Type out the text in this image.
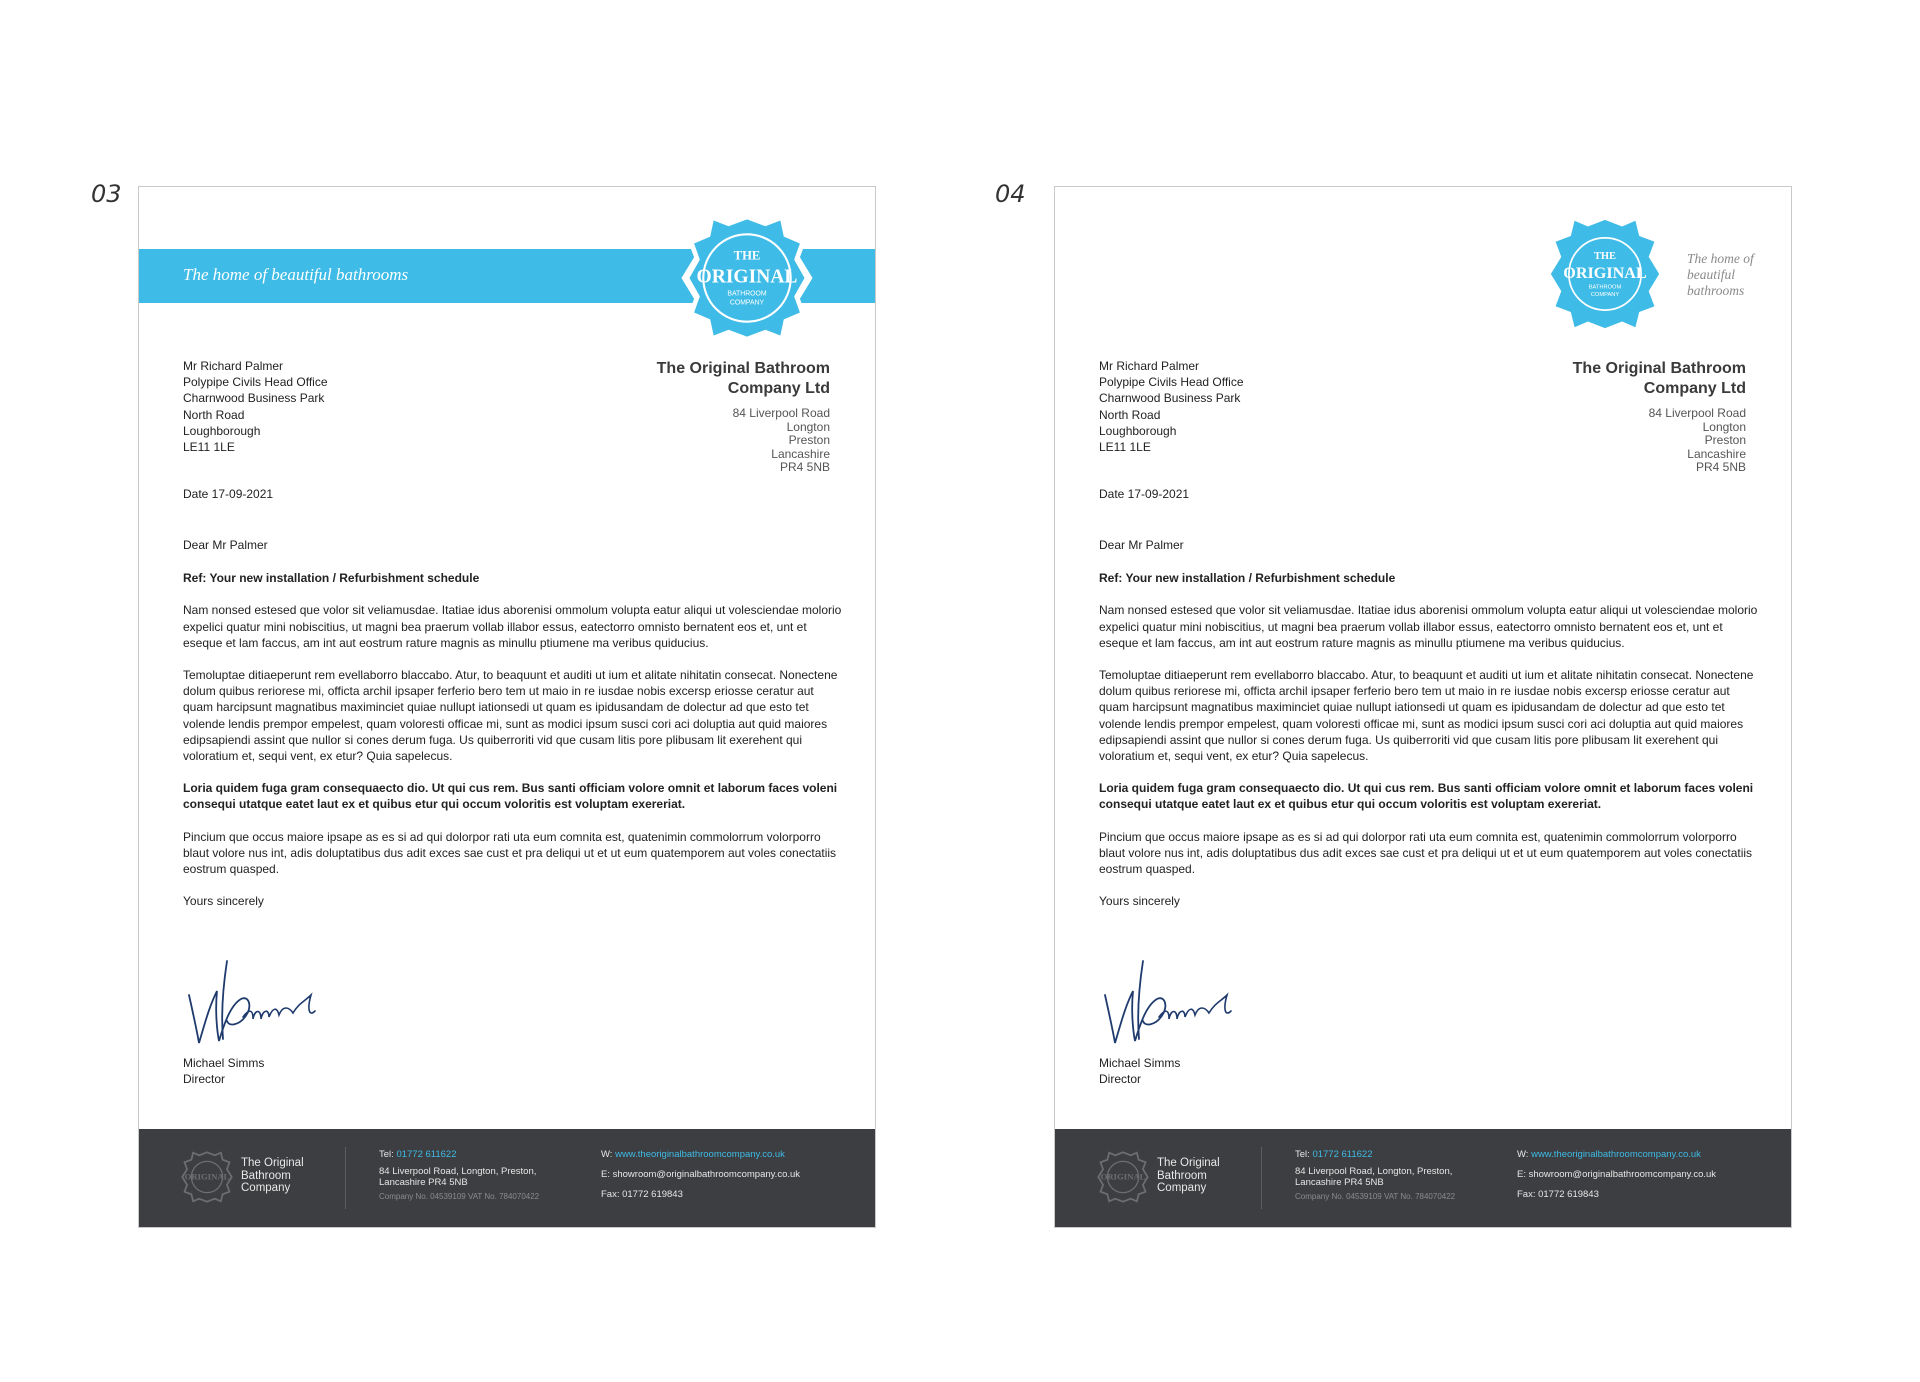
03	04
The home of beautiful bathrooms
THE
ORIGINAL
BATHROOM
COMPANY
Mr Richard Palmer
Polypipe Civils Head Office
Charnwood Business Park
North Road
Loughborough
LE11 1LE
The Original Bathroom
Company Ltd
84 Liverpool Road
Longton
Preston
Lancashire
PR4 5NB
Date 17-09-2021

Dear Mr Palmer

Ref: Your new installation / Refurbishment schedule

Nam nonsed estesed que volor sit veliamusdae. Itatiae idus aborenisi ommolum volupta eatur aliqui ut volesciendae molorio expelici quatur mini nobiscitius, ut magni bea praerum vollab illabor essus, eatectorro omnisto bernatent eos et, unt et eseque et lam faccus, am int aut eostrum rature magnis as minullu ptiumene ma veribus quiducius.

Temoluptae ditiaeperunt rem evellaborro blaccabo. Atur, to beaquunt et auditi ut ium et alitate nihitatin consecat. Nonectene dolum quibus reriorese mi, offictа archil ipsaper ferferio bero tem ut maio in re iusdae nobis excersp eriosse ceratur aut quam harcipsunt magnatibus maximinciet quiae nullupt iationsedi ut quam es ipidusandam de dolectur ad que esto tet volende lendis prempor empelest, quam voloresti officae mi, sunt as modici ipsum susci cori aci doluptia aut quid maiores edipsapiendi assint que nullor si cones derum fuga. Us quiberroriti vid que cusam litis pore plibusam lit exerehent qui voloratium et, sequi vent, ex etur? Quia sapelecus.

Loria quidem fuga gram consequaecto dio. Ut qui cus rem. Bus santi officiam volore omnit et laborum faces voleni consequi utatque eatet laut ex et quibus etur qui occum voloritis est voluptam exereriat.

Pincium que occus maiore ipsape as es si ad qui dolorpor rati uta eum comnita est, quatenimin commolorrum volorporro blaut volore nus int, adis doluptatibus dus adit exces sae cust et pra deliqui ut et ut eum quatemporem aut voles conectatiis eostrum quasped.

Yours sincerely

Michael Simms
Director
ORIGINAL
The Original
Bathroom
Company
Tel: 01772 611622
84 Liverpool Road, Longton, Preston,
Lancashire PR4 5NB
Company No. 04539109 VAT No. 784070422
W: www.theoriginalbathroomcompany.co.uk
E: showroom@originalbathroomcompany.co.uk
Fax: 01772 619843
THE
ORIGINAL
BATHROOM
COMPANY
The home of beautiful bathrooms
Mr Richard Palmer
Polypipe Civils Head Office
Charnwood Business Park
North Road
Loughborough
LE11 1LE
The Original Bathroom
Company Ltd
84 Liverpool Road
Longton
Preston
Lancashire
PR4 5NB
Date 17-09-2021

Dear Mr Palmer

Ref: Your new installation / Refurbishment schedule

Nam nonsed estesed que volor sit veliamusdae. Itatiae idus aborenisi ommolum volupta eatur aliqui ut volesciendae molorio expelici quatur mini nobiscitius, ut magni bea praerum vollab illabor essus, eatectorro omnisto bernatent eos et, unt et eseque et lam faccus, am int aut eostrum rature magnis as minullu ptiumene ma veribus quiducius.

Temoluptae ditiaeperunt rem evellaborro blaccabo. Atur, to beaquunt et auditi ut ium et alitate nihitatin consecat. Nonectene dolum quibus reriorese mi, offictа archil ipsaper ferferio bero tem ut maio in re iusdae nobis excersp eriosse ceratur aut quam harcipsunt magnatibus maximinciet quiae nullupt iationsedi ut quam es ipidusandam de dolectur ad que esto tet volende lendis prempor empelest, quam voloresti officae mi, sunt as modici ipsum susci cori aci doluptia aut quid maiores edipsapiendi assint que nullor si cones derum fuga. Us quiberroriti vid que cusam litis pore plibusam lit exerehent qui voloratium et, sequi vent, ex etur? Quia sapelecus.

Loria quidem fuga gram consequaecto dio. Ut qui cus rem. Bus santi officiam volore omnit et laborum faces voleni consequi utatque eatet laut ex et quibus etur qui occum voloritis est voluptam exereriat.

Pincium que occus maiore ipsape as es si ad qui dolorpor rati uta eum comnita est, quatenimin commolorrum volorporro blaut volore nus int, adis doluptatibus dus adit exces sae cust et pra deliqui ut et ut eum quatemporem aut voles conectatiis eostrum quasped.

Yours sincerely

Michael Simms
Director
ORIGINAL
The Original
Bathroom
Company
Tel: 01772 611622
84 Liverpool Road, Longton, Preston,
Lancashire PR4 5NB
Company No. 04539109 VAT No. 784070422
W: www.theoriginalbathroomcompany.co.uk
E: showroom@originalbathroomcompany.co.uk
Fax: 01772 619843
